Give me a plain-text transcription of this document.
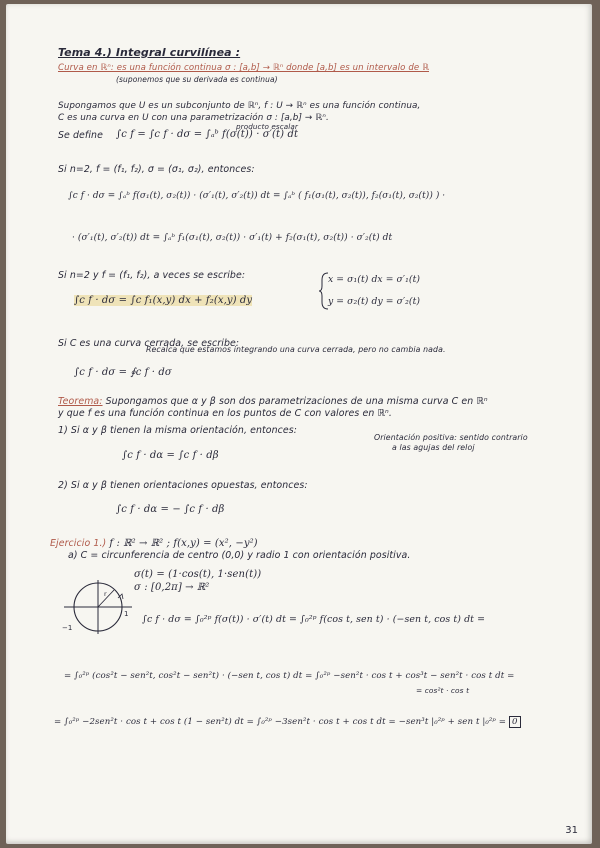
Tema 4.) Integral curvilínea :
Curva en ℝⁿ: es una función continua σ : [a,b] → ℝⁿ donde [a,b] es un intervalo de ℝ
(suponemos que su derivada es continua)
Supongamos que U es un subconjunto de ℝⁿ, f : U → ℝⁿ es una función continua,
C es una curva en U con una parametrización σ : [a,b] → ℝⁿ.
producto escalar
Se define ∫c f = ∫c f · dσ = ∫ₐᵇ f(σ(t)) · σ′(t) dt
Si n=2, f = (f₁, f₂), σ = (σ₁, σ₂), entonces:
∫c f · dσ = ∫ₐᵇ f(σ₁(t), σ₂(t)) · (σ′₁(t), σ′₂(t)) dt = ∫ₐᵇ ( f₁(σ₁(t), σ₂(t)), f₂(σ₁(t), σ₂(t)) ) ·
· (σ′₁(t), σ′₂(t)) dt = ∫ₐᵇ f₁(σ₁(t), σ₂(t)) · σ′₁(t) + f₂(σ₁(t), σ₂(t)) · σ′₂(t) dt
Si n=2 y f = (f₁, f₂), a veces se escribe:
∫c f · dσ = ∫c f₁(x,y) dx + f₂(x,y) dy
x = σ₁(t) dx = σ′₁(t)
y = σ₂(t) dy = σ′₂(t)
Si C es una curva cerrada, se escribe:
∫c f · dσ = ∮c f · dσ
Recalca que estamos integrando una curva cerrada, pero no cambia nada.
Teorema: Supongamos que α y β son dos parametrizaciones de una misma curva C en ℝⁿ
y que f es una función continua en los puntos de C con valores en ℝⁿ.
1) Si α y β tienen la misma orientación, entonces:
∫c f · dα = ∫c f · dβ
Orientación positiva: sentido contrario
a las agujas del reloj
2) Si α y β tienen orientaciones opuestas, entonces:
∫c f · dα = − ∫c f · dβ
Ejercicio 1.) f : ℝ² → ℝ² ; f(x,y) = (x², −y²)
a) C = circunferencia de centro (0,0) y radio 1 con orientación positiva.
σ(t) = (1·cos(t), 1·sen(t))
σ : [0,2π] → ℝ²
1
−1
r
∫c f · dσ = ∫₀²ᵖ f(σ(t)) · σ′(t) dt = ∫₀²ᵖ f(cos t, sen t) · (−sen t, cos t) dt =
= ∫₀²ᵖ (cos²t − sen²t, cos²t − sen²t) · (−sen t, cos t) dt = ∫₀²ᵖ −sen²t · cos t + cos³t − sen²t · cos t dt =
= cos²t · cos t
= ∫₀²ᵖ −2sen²t · cos t + cos t (1 − sen²t) dt = ∫₀²ᵖ −3sen²t · cos t + cos t dt = −sen³t |₀²ᵖ + sen t |₀²ᵖ = 0
31
